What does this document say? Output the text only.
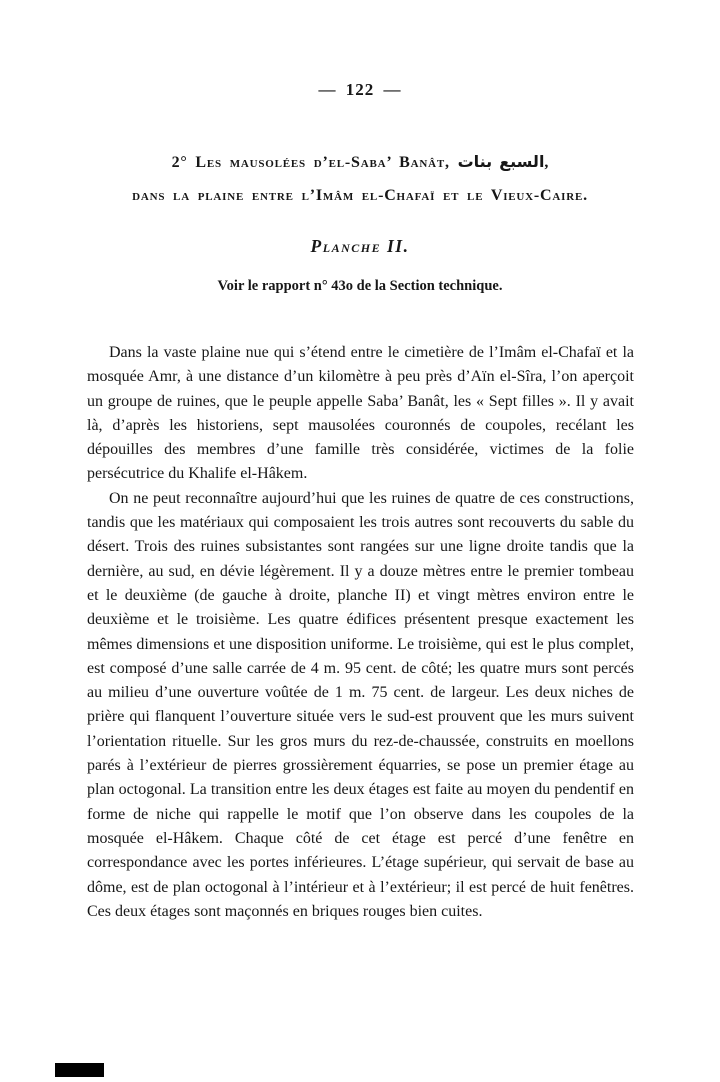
— 122 —
2° Les mausolées d’el-Saba’ Banât, السبع بنات,
dans la plaine entre l’Imâm el-Chafaï et le Vieux-Caire.
Planche II.
Voir le rapport n° 43o de la Section technique.

Dans la vaste plaine nue qui s’étend entre le cimetière de l’Imâm el-Chafaï et la mosquée Amr, à une distance d’un kilomètre à peu près d’Aïn el-Sîra, l’on aperçoit un groupe de ruines, que le peuple appelle Saba’ Banât, les « Sept filles ». Il y avait là, d’après les historiens, sept mausolées couronnés de coupoles, recélant les dépouilles des membres d’une famille très considérée, victimes de la folie persécutrice du Khalife el-Hâkem.

On ne peut reconnaître aujourd’hui que les ruines de quatre de ces constructions, tandis que les matériaux qui composaient les trois autres sont recouverts du sable du désert. Trois des ruines subsistantes sont rangées sur une ligne droite tandis que la dernière, au sud, en dévie légèrement. Il y a douze mètres entre le premier tombeau et le deuxième (de gauche à droite, planche II) et vingt mètres environ entre le deuxième et le troisième. Les quatre édifices présentent presque exactement les mêmes dimensions et une disposition uniforme. Le troisième, qui est le plus complet, est composé d’une salle carrée de 4 m. 95 cent. de côté; les quatre murs sont percés au milieu d’une ouverture voûtée de 1 m. 75 cent. de largeur. Les deux niches de prière qui flanquent l’ouverture située vers le sud-est prouvent que les murs suivent l’orientation rituelle. Sur les gros murs du rez-de-chaussée, construits en moellons parés à l’extérieur de pierres grossièrement équarries, se pose un premier étage au plan octogonal. La transition entre les deux étages est faite au moyen du pendentif en forme de niche qui rappelle le motif que l’on observe dans les coupoles de la mosquée el-Hâkem. Chaque côté de cet étage est percé d’une fenêtre en correspondance avec les portes inférieures. L’étage supérieur, qui servait de base au dôme, est de plan octogonal à l’intérieur et à l’extérieur; il est percé de huit fenêtres. Ces deux étages sont maçonnés en briques rouges bien cuites.
